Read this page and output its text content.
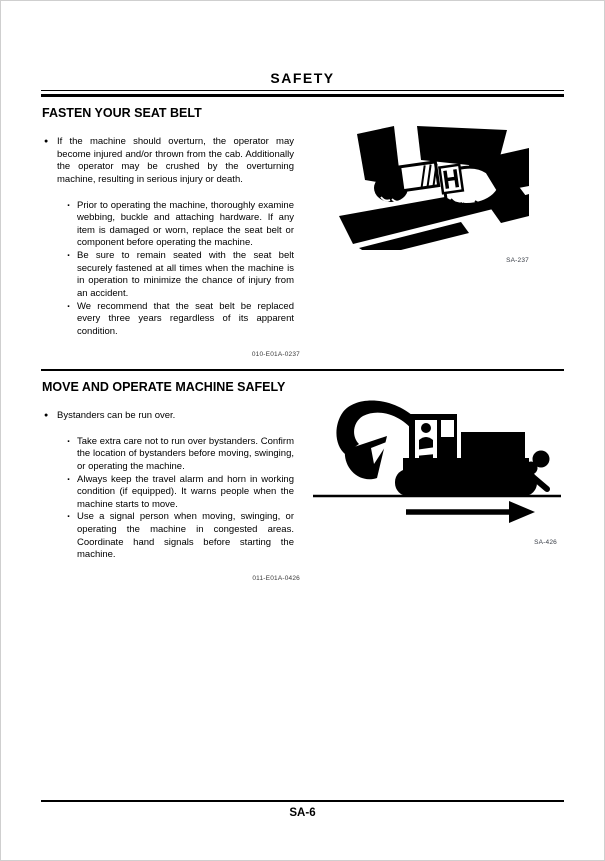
SAFETY
FASTEN YOUR SEAT BELT
SA-237
● If the machine should overturn, the operator may become injured and/or thrown from the cab. Additionally the operator may be crushed by the overturning machine, resulting in serious injury or death.

· Prior to operating the machine, thoroughly examine webbing, buckle and attaching hardware. If any item is damaged or worn, replace the seat belt or component before operating the machine.

· Be sure to remain seated with the seat belt securely fastened at all times when the machine is in operation to minimize the chance of injury from an accident.

· We recommend that the seat belt be replaced every three years regardless of its apparent condition.

010-E01A-0237
MOVE AND OPERATE MACHINE SAFELY
SA-426
● Bystanders can be run over.

· Take extra care not to run over bystanders. Confirm the location of bystanders before moving, swinging, or operating the machine.

· Always keep the travel alarm and horn in working condition (if equipped). It warns people when the machine starts to move.

· Use a signal person when moving, swinging, or operating the machine in congested areas. Coordinate hand signals before starting the machine.

011-E01A-0426
SA-6
